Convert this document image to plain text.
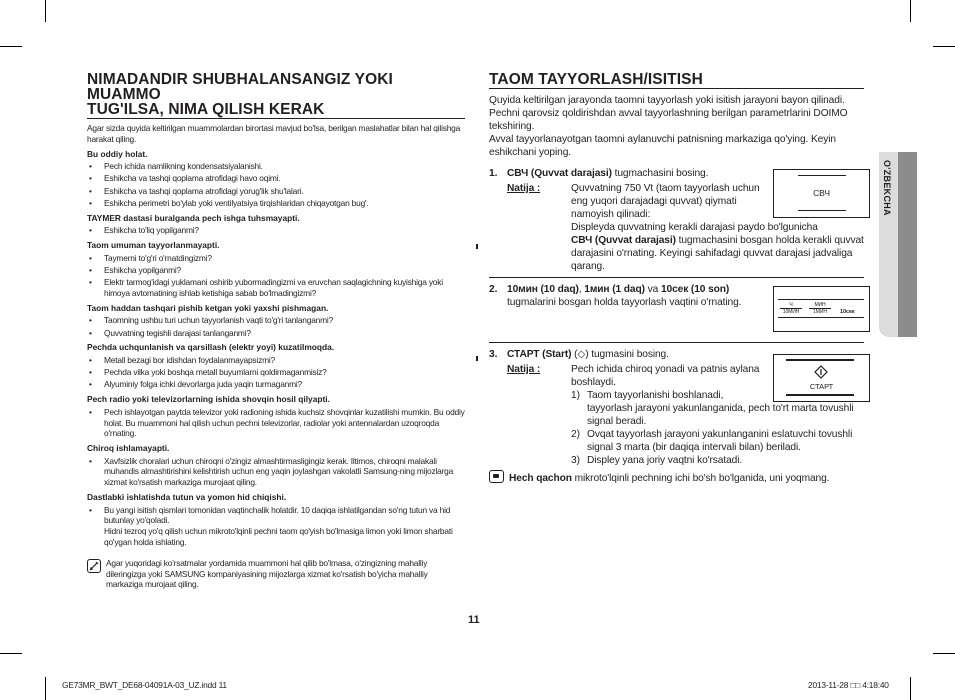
NIMADANDIR SHUBHALANSANGIZ YOKI MUAMMO
TUG'ILSA, NIMA QILISH KERAK
Agar sizda quyida keltirilgan muammolardan birortasi mavjud bo'lsa, berilgan maslahatlar bilan hal qilishga harakat qiling.
Bu oddiy holat.
• Pech ichida namlikning kondensatsiyalanishi.
• Eshikcha va tashqi qoplama atrofidagi havo oqimi.
• Eshikcha va tashqi qoplama atrofidagi yorug'lik shu'lalari.
• Eshikcha perimetri bo'ylab yoki ventilyatsiya tirqishlaridan chiqayotgan bug'.
TAYMER dastasi buralganda pech ishga tuhsmayapti.
• Eshikcha to'liq yopilganmi?
Taom umuman tayyorlanmayapti.
• Taymerni to'g'ri o'rnatdingizmi?
• Eshikcha yopilganmi?
• Elektr tarmog'idagi yuklamani oshirib yubormadingizmi va eruvchan saqlagichning kuyishiga yoki himoya avtomatining ishlab ketishiga sabab bo'lmadingizmi?
Taom haddan tashqari pishib ketgan yoki yaxshi pishmagan.
• Taomning ushbu turi uchun tayyorlanish vaqti to'g'ri tanlanganmi?
• Quvvatning tegishli darajasi tanlanganmi?
Pechda uchqunlanish va qarsillash (elektr yoyi) kuzatilmoqda.
• Metall bezagi bor idishdan foydalanmayapsizmi?
• Pechda vilka yoki boshqa metall buyumlarni qoldirmaganmisiz?
• Alyuminiy folga ichki devorlarga juda yaqin turmaganmi?
Pech radio yoki televizorlarning ishida shovqin hosil qilyapti.
• Pech ishlayotgan paytda televizor yoki radioning ishida kuchsiz shovqinlar kuzatilishi mumkin. Bu oddiy holat. Bu muammoni hal qilish uchun pechni televizorlar, radiolar yoki antennalardan uzoqroqda o'rnating.
Chiroq ishlamayapti.
• Xavfsizlik choralari uchun chiroqni o'zingiz almashtirmasligingiz kerak. Iltimos, chiroqni malakali muhandis almashtirishini kelishtirish uchun eng yaqin joylashgan vakolatli Samsung-ning mijozlarga xizmat ko'rsatish markaziga murojaat qiling.
Dastlabki ishlatishda tutun va yomon hid chiqishi.
• Bu yangi isitish qismlari tomonidan vaqtinchalik holatdir. 10 daqiqa ishlatilgandan so'ng tutun va hid butunlay yo'qoladi.
Hidni tezroq yo'q qilish uchun mikroto'lqinli pechni taom qo'yish bo'lmasiga limon yoki limon sharbati qo'ygan holda ishlating.
Agar yuqoridagi ko'rsatmalar yordamida muammoni hal qilib bo'lmasa, o'zingizning mahalliy dileringizga yoki SAMSUNG kompaniyasining mijozlarga xizmat ko'rsatish bo'yicha mahalliy markaziga murojaat qiling.
TAOM TAYYORLASH/ISITISH
Quyida keltirilgan jarayonda taomni tayyorlash yoki isitish jarayoni bayon qilinadi. Pechni qarovsiz qoldirishdan avval tayyorlashning berilgan parametrlarini DOIMO tekshiring.
Avval tayyorlanayotgan taomni aylanuvchi patnisning markaziga qo'ying. Keyin eshikchani yoping.
1. СВЧ (Quvvat darajasi) tugmachasini bosing.
Natija :	Quvvatning 750 Vt (taom tayyorlash uchun eng yuqori darajadagi quvvat) qiymati namoyish qilinadi:
Displeyda quvvatning kerakli darajasi paydo bo'lgunicha
СВЧ (Quvvat darajasi) tugmachasini bosgan holda kerakli quvvat darajasini o'rnating. Keyingi sahifadagi quvvat darajasi jadvaliga qarang.
СВЧ
2. 10мин (10 daq), 1мин (1 daq) va 10сек (10 son)
tugmalarini bosgan holda tayyorlash vaqtini o'rnating.	Ч
10МИН
МИН
1МИН	10сек
3. СТАРТ (Start) (◇) tugmasini bosing.
Natija :	Pech ichida chiroq yonadi va patnis aylana boshlaydi.
1) Taom tayyorlanishi boshlanadi,
tayyorlash jarayoni yakunlanganida, pech to'rt marta tovushli signal beradi.
2) Ovqat tayyorlash jarayoni yakunlanganini eslatuvchi tovushli signal 3 marta (bir daqiqa intervali bilan) beriladi.
3) Displey yana joriy vaqtni ko'rsatadi.
СТАРТ
Hech qachon mikroto'lqinli pechning ichi bo'sh bo'lganida, uni yoqmang.
O'ZBEKCHA
11
GE73MR_BWT_DE68-04091A-03_UZ.indd 11	2013-11-28 □□ 4:18:40
